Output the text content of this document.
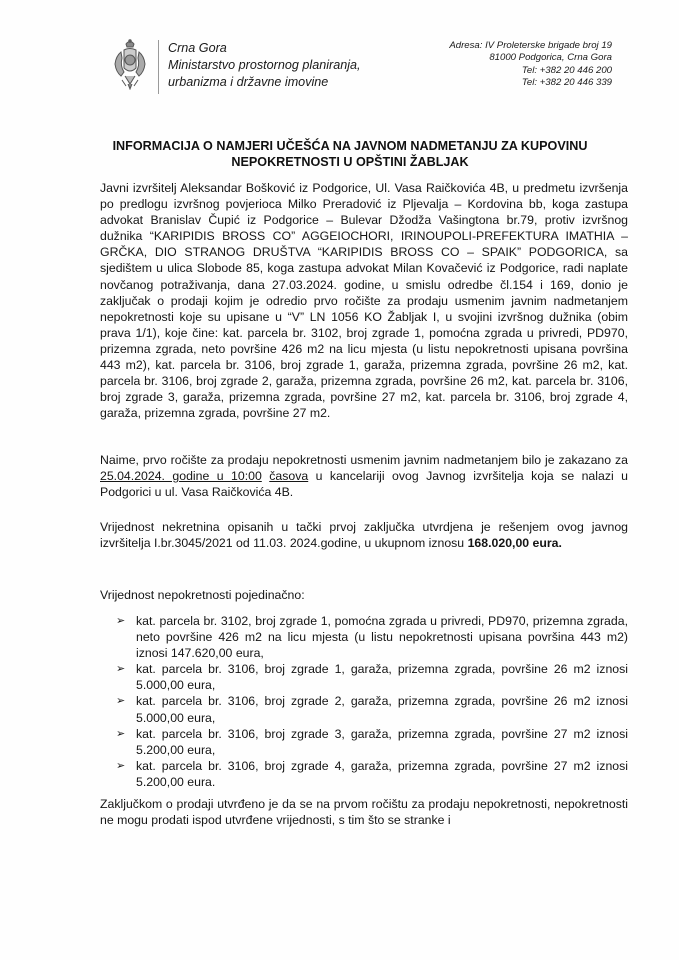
Crna Gora
Ministarstvo prostornog planiranja,
urbanizma i državne imovine
Adresa: IV Proleterske brigade broj 19
81000 Podgorica, Crna Gora
Tel: +382 20 446 200
Tel: +382 20 446 339
INFORMACIJA O NAMJERI UČEŠĆA NA JAVNOM NADMETANJU ZA KUPOVINU
NEPOKRETNOSTI U OPŠTINI ŽABLJAK
Javni izvršitelj Aleksandar Bošković iz Podgorice, Ul. Vasa Raičkovića 4B, u predmetu izvršenja po predlogu izvršnog povjerioca Milko Preradović iz Pljevalja – Kordovina bb, koga zastupa advokat Branislav Čupić iz Podgorice – Bulevar Džodža Vašingtona br.79, protiv izvršnog dužnika “KARIPIDIS BROSS CO” AGGEIOCHORI, IRINOUPOLI-PREFEKTURA IMATHIA – GRČKA, DIO STRANOG DRUŠTVA “KARIPIDIS BROSS CO – SPAIK” PODGORICA, sa sjedištem u ulica Slobode 85, koga zastupa advokat Milan Kovačević iz Podgorice, radi naplate novčanog potraživanja, dana 27.03.2024. godine, u smislu odredbe čl.154 i 169, donio je zaključak o prodaji kojim je odredio prvo ročište za prodaju usmenim javnim nadmetanjem nepokretnosti koje su upisane u “V” LN 1056 KO Žabljak I, u svojini izvršnog dužnika (obim prava 1/1), koje čine: kat. parcela br. 3102, broj zgrade 1, pomoćna zgrada u privredi, PD970, prizemna zgrada, neto površine 426 m2 na licu mjesta (u listu nepokretnosti upisana površina 443 m2), kat. parcela br. 3106, broj zgrade 1, garaža, prizemna zgrada, površine 26 m2, kat. parcela br. 3106, broj zgrade 2, garaža, prizemna zgrada, površine 26 m2, kat. parcela br. 3106, broj zgrade 3, garaža, prizemna zgrada, površine 27 m2, kat. parcela br. 3106, broj zgrade 4, garaža, prizemna zgrada, površine 27 m2.
Naime, prvo ročište za prodaju nepokretnosti usmenim javnim nadmetanjem bilo je zakazano za 25.04.2024. godine u 10:00 časova u kancelariji ovog Javnog izvršitelja koja se nalazi u Podgorici u ul. Vasa Raičkovića 4B.
Vrijednost nekretnina opisanih u tački prvoj zaključka utvrdjena je rešenjem ovog javnog izvršitelja I.br.3045/2021 od 11.03. 2024.godine, u ukupnom iznosu 168.020,00 eura.
Vrijednost nepokretnosti pojedinačno:
➢ kat. parcela br. 3102, broj zgrade 1, pomoćna zgrada u privredi, PD970, prizemna zgrada, neto površine 426 m2 na licu mjesta (u listu nepokretnosti upisana površina 443 m2) iznosi 147.620,00 eura,
➢ kat. parcela br. 3106, broj zgrade 1, garaža, prizemna zgrada, površine 26 m2 iznosi 5.000,00 eura,
➢ kat. parcela br. 3106, broj zgrade 2, garaža, prizemna zgrada, površine 26 m2 iznosi 5.000,00 eura,
➢ kat. parcela br. 3106, broj zgrade 3, garaža, prizemna zgrada, površine 27 m2 iznosi 5.200,00 eura,
➢ kat. parcela br. 3106, broj zgrade 4, garaža, prizemna zgrada, površine 27 m2 iznosi 5.200,00 eura.
Zaključkom o prodaji utvrđeno je da se na prvom ročištu za prodaju nepokretnosti, nepokretnosti ne mogu prodati ispod utvrđene vrijednosti, s tim što se stranke i
